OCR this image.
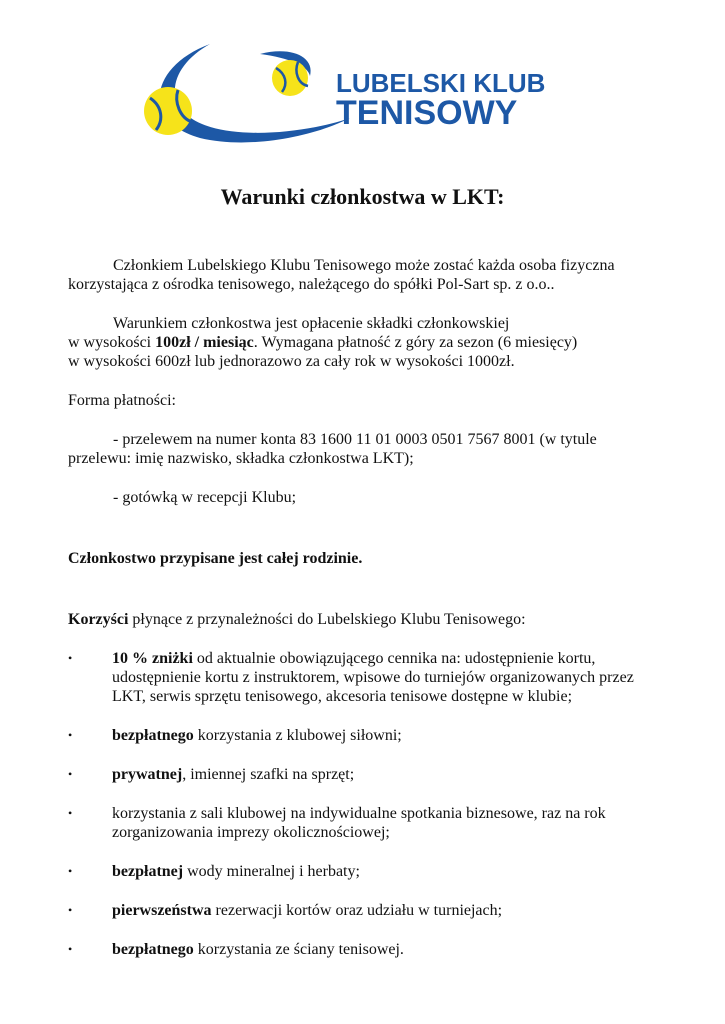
LUBELSKI KLUB
TENISOWY
Warunki członkostwa w LKT:

Członkiem Lubelskiego Klubu Tenisowego może zostać każda osoba fizyczna korzystająca z ośrodka tenisowego, należącego do spółki Pol-Sart sp. z o.o..

Warunkiem członkostwa jest opłacenie składki członkowskiej
w wysokości 100zł / miesiąc. Wymagana płatność z góry za sezon (6 miesięcy)
w wysokości 600zł lub jednorazowo za cały rok w wysokości 1000zł.

Forma płatności:

- przelewem na numer konta 83 1600 11 01 0003 0501 7567 8001 (w tytule przelewu: imię nazwisko, składka członkostwa LKT);

- gotówką w recepcji Klubu;

Członkostwo przypisane jest całej rodzinie.

Korzyści płynące z przynależności do Lubelskiego Klubu Tenisowego:

•	10 % zniżki od aktualnie obowiązującego cennika na: udostępnienie kortu, udostępnienie kortu z instruktorem, wpisowe do turniejów organizowanych przez LKT, serwis sprzętu tenisowego, akcesoria tenisowe dostępne w klubie;

•	bezpłatnego korzystania z klubowej siłowni;

•	prywatnej, imiennej szafki na sprzęt;

•	korzystania z sali klubowej na indywidualne spotkania biznesowe, raz na rok zorganizowania imprezy okolicznościowej;

•	bezpłatnej wody mineralnej i herbaty;

•	pierwszeństwa rezerwacji kortów oraz udziału w turniejach;

•	bezpłatnego korzystania ze ściany tenisowej.
